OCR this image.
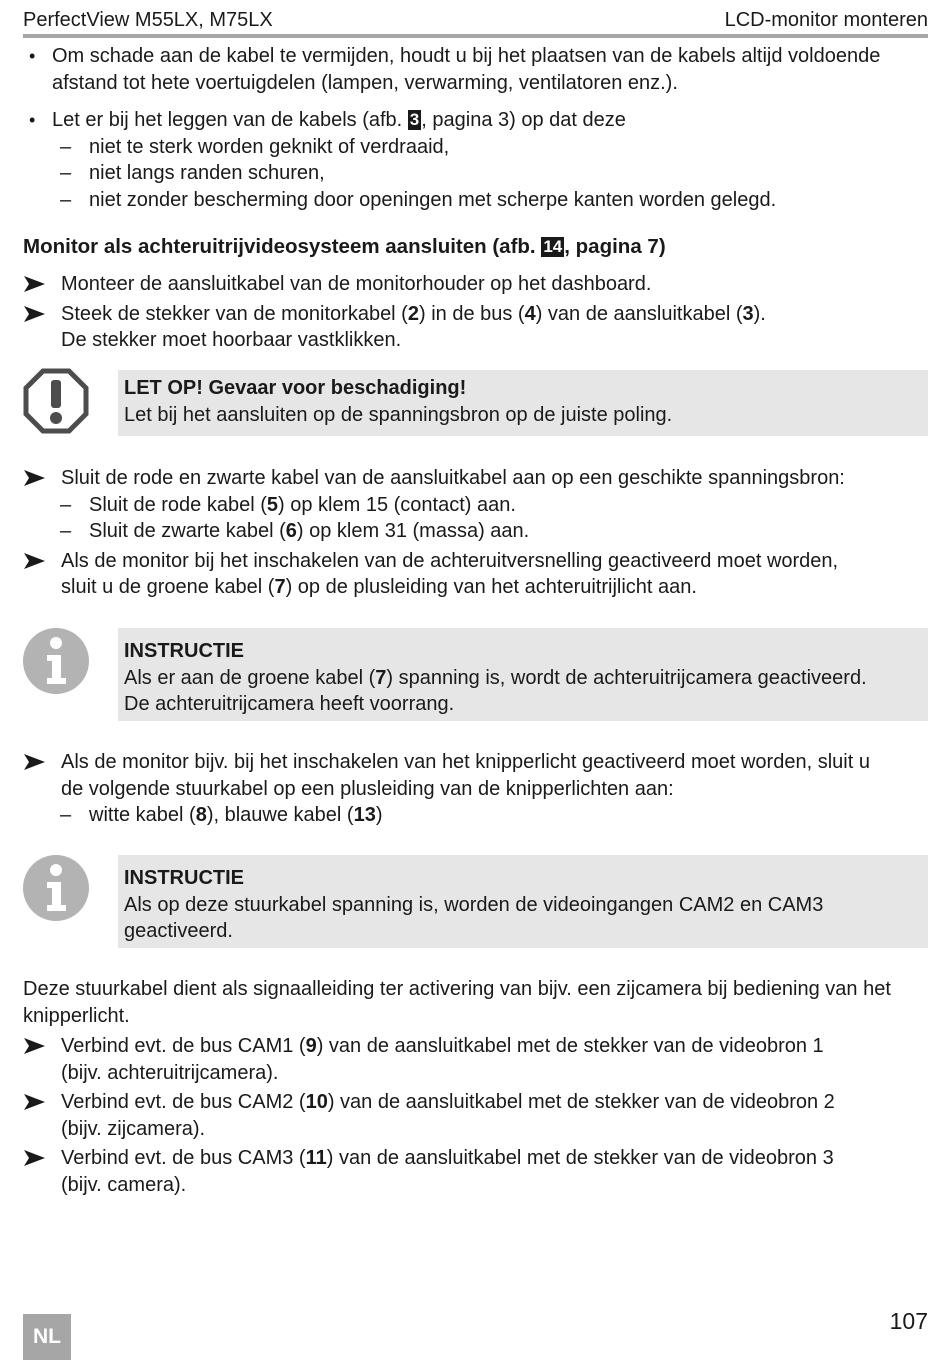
PerfectView M55LX, M75LX	LCD-monitor monteren
• Om schade aan de kabel te vermijden, houdt u bij het plaatsen van de kabels altijd voldoende
afstand tot hete voertuigdelen (lampen, verwarming, ventilatoren enz.).
• Let er bij het leggen van de kabels (afb. 3 , pagina 3) op dat deze
– niet te sterk worden geknikt of verdraaid,
– niet langs randen schuren,
– niet zonder bescherming door openingen met scherpe kanten worden gelegd.
Monitor als achteruitrijvideosysteem aansluiten (afb. 14, pagina 7)
Monteer de aansluitkabel van de monitorhouder op het dashboard.
Steek de stekker van de monitorkabel (2) in de bus (4) van de aansluitkabel (3).
De stekker moet hoorbaar vastklikken.
LET OP! Gevaar voor beschadiging!
Let bij het aansluiten op de spanningsbron op de juiste poling.
Sluit de rode en zwarte kabel van de aansluitkabel aan op een geschikte spanningsbron:
– Sluit de rode kabel (5) op klem 15 (contact) aan.
– Sluit de zwarte kabel (6) op klem 31 (massa) aan.
Als de monitor bij het inschakelen van de achteruitversnelling geactiveerd moet worden,
sluit u de groene kabel (7) op de plusleiding van het achteruitrijlicht aan.
INSTRUCTIE
Als er aan de groene kabel (7) spanning is, wordt de achteruitrijcamera geactiveerd.
De achteruitrijcamera heeft voorrang.
Als de monitor bijv. bij het inschakelen van het knipperlicht geactiveerd moet worden, sluit u
de volgende stuurkabel op een plusleiding van de knipperlichten aan:
– witte kabel (8), blauwe kabel (13)
INSTRUCTIE
Als op deze stuurkabel spanning is, worden de videoingangen CAM2 en CAM3
geactiveerd.
Deze stuurkabel dient als signaalleiding ter activering van bijv. een zijcamera bij bediening van het
knipperlicht.
Verbind evt. de bus CAM1 (9) van de aansluitkabel met de stekker van de videobron 1
(bijv. achteruitrijcamera).
Verbind evt. de bus CAM2 (10) van de aansluitkabel met de stekker van de videobron 2
(bijv. zijcamera).
Verbind evt. de bus CAM3 (11) van de aansluitkabel met de stekker van de videobron 3
(bijv. camera).
NL
107
